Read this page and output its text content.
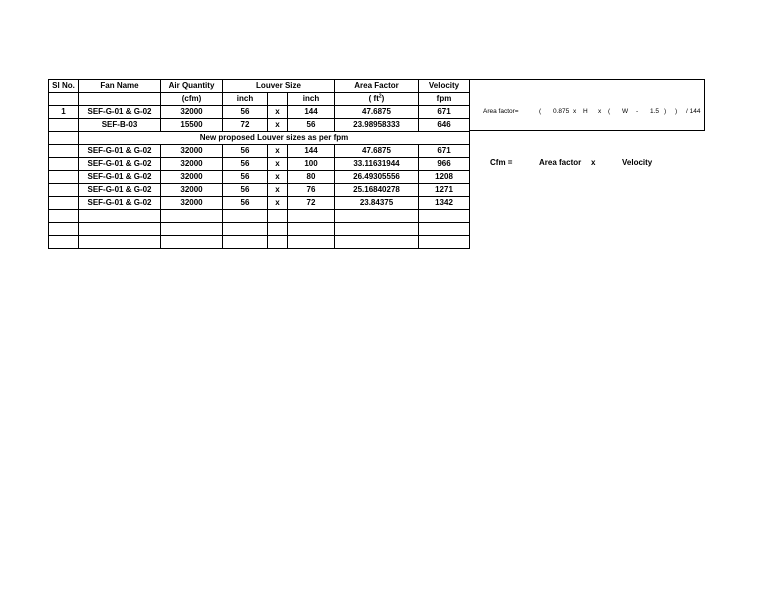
Sl No.	Fan Name	Air Quantity	Louver Size			Area Factor	Velocity
		(cfm)	inch		inch	( $ft^2$)	fpm
1	SEF-G-01 & G-02	32000	56	x	144	47.6875	671
	SEF-B-03	15500	72	x	56	23.98958333	646
	New proposed Louver sizes as per fpm						
	SEF-G-01 & G-02	32000	56	x	144	47.6875	671
	SEF-G-01 & G-02	32000	56	x	100	33.11631944	966
	SEF-G-01 & G-02	32000	56	x	80	26.49305556	1208
	SEF-G-01 & G-02	32000	56	x	76	25.16840278	1271
	SEF-G-01 & G-02	32000	56	x	72	23.84375	1342

Area factor=	(	0.875 x	H	x	(	W	-	1.5 )	)	/ 144
Cfm =	Area factor x	Velocity
